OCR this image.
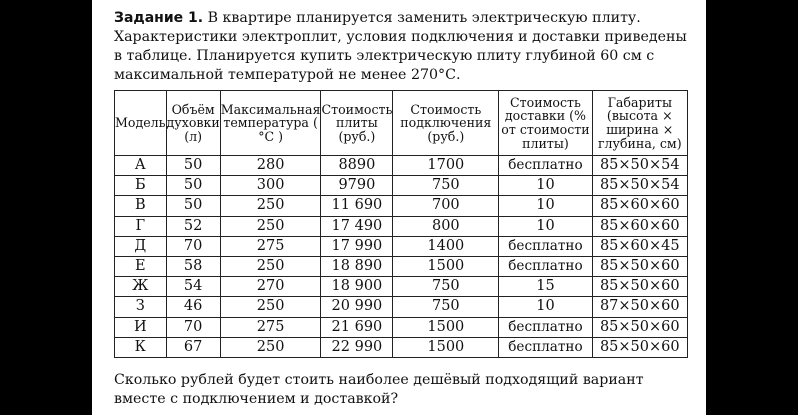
Задание 1. В квартире планируется заменить электрическую плиту. Характеристики электроплит, условия подключения и доставки приведены в таблице. Планируется купить электрическую плиту глубиной 60 см с максимальной температурой не менее 270°С.
Модель	Объём духовки (л)	Максимальная температура ( °С )	Стоимость плиты (руб.)	Стоимость подключения (руб.)	Стоимость доставки (% от стоимости плиты)	Габариты (высота × ширина × глубина, см)
А	50	280	8890	1700	бесплатно	85×50×54
Б	50	300	9790	750	10	85×50×54
В	50	250	11 690	700	10	85×60×60
Г	52	250	17 490	800	10	85×60×60
Д	70	275	17 990	1400	бесплатно	85×60×45
Е	58	250	18 890	1500	бесплатно	85×50×60
Ж	54	270	18 900	750	15	85×50×60
З	46	250	20 990	750	10	87×50×60
И	70	275	21 690	1500	бесплатно	85×50×60
К	67	250	22 990	1500	бесплатно	85×50×60
Сколько рублей будет стоить наиболее дешёвый подходящий вариант вместе с подключением и доставкой?
